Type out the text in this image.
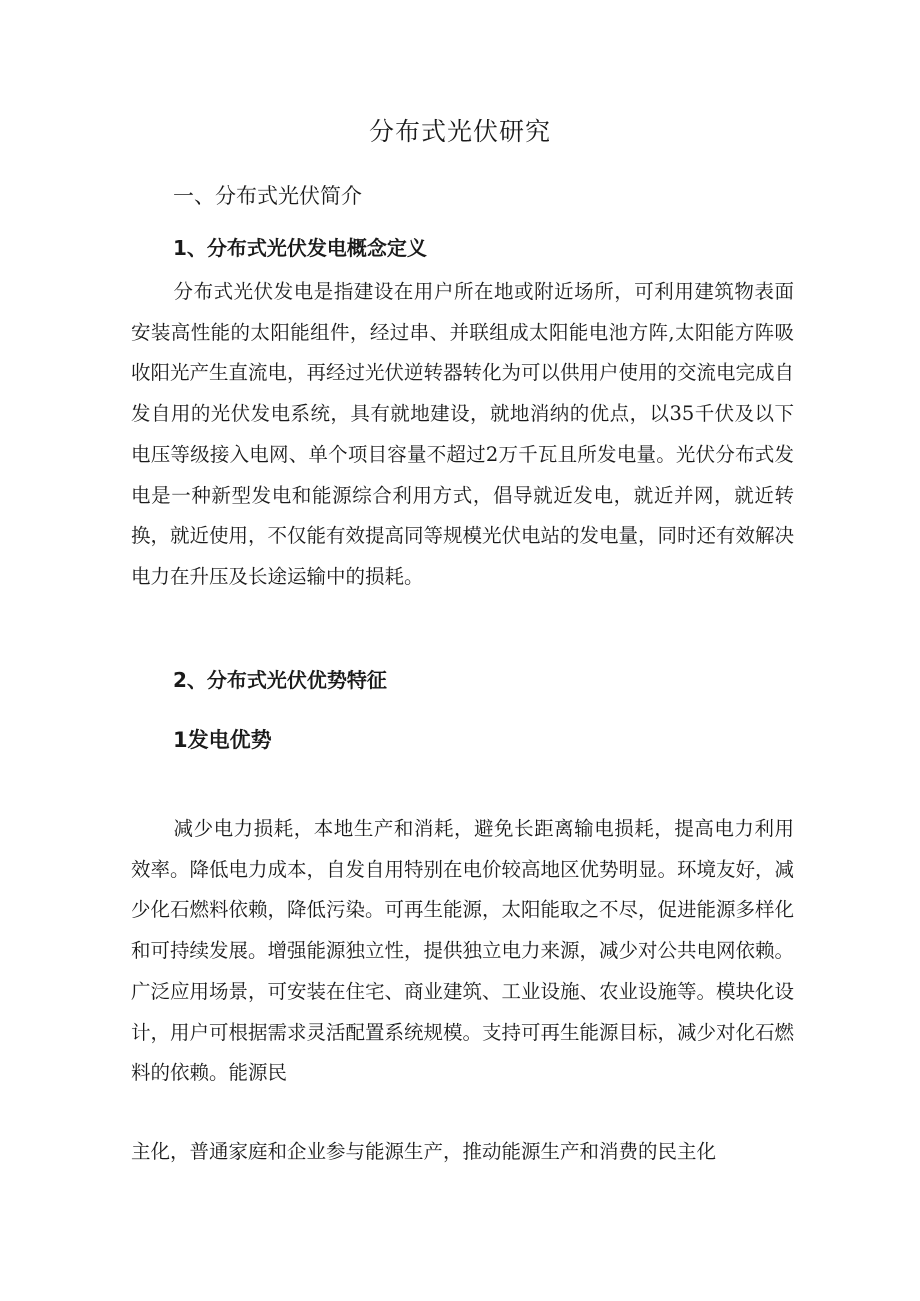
分布式光伏研究
一、分布式光伏简介
1、分布式光伏发电概念定义

分布式光伏发电是指建设在用户所在地或附近场所，可利用建筑物表面安装高性能的太阳能组件，经过串、并联组成太阳能电池方阵,太阳能方阵吸收阳光产生直流电，再经过光伏逆转器转化为可以供用户使用的交流电完成自发自用的光伏发电系统，具有就地建设，就地消纳的优点，以35千伏及以下电压等级接入电网、单个项目容量不超过2万千瓦且所发电量。光伏分布式发电是一种新型发电和能源综合利用方式，倡导就近发电，就近并网，就近转换，就近使用，不仅能有效提高同等规模光伏电站的发电量，同时还有效解决电力在升压及长途运输中的损耗。

2、分布式光伏优势特征
1发电优势

减少电力损耗，本地生产和消耗，避免长距离输电损耗，提高电力利用效率。降低电力成本，自发自用特别在电价较高地区优势明显。环境友好，减少化石燃料依赖，降低污染。可再生能源，太阳能取之不尽，促进能源多样化和可持续发展。增强能源独立性，提供独立电力来源，减少对公共电网依赖。广泛应用场景，可安装在住宅、商业建筑、工业设施、农业设施等。模块化设计，用户可根据需求灵活配置系统规模。支持可再生能源目标，减少对化石燃料的依赖。能源民

主化，普通家庭和企业参与能源生产，推动能源生产和消费的民主化
